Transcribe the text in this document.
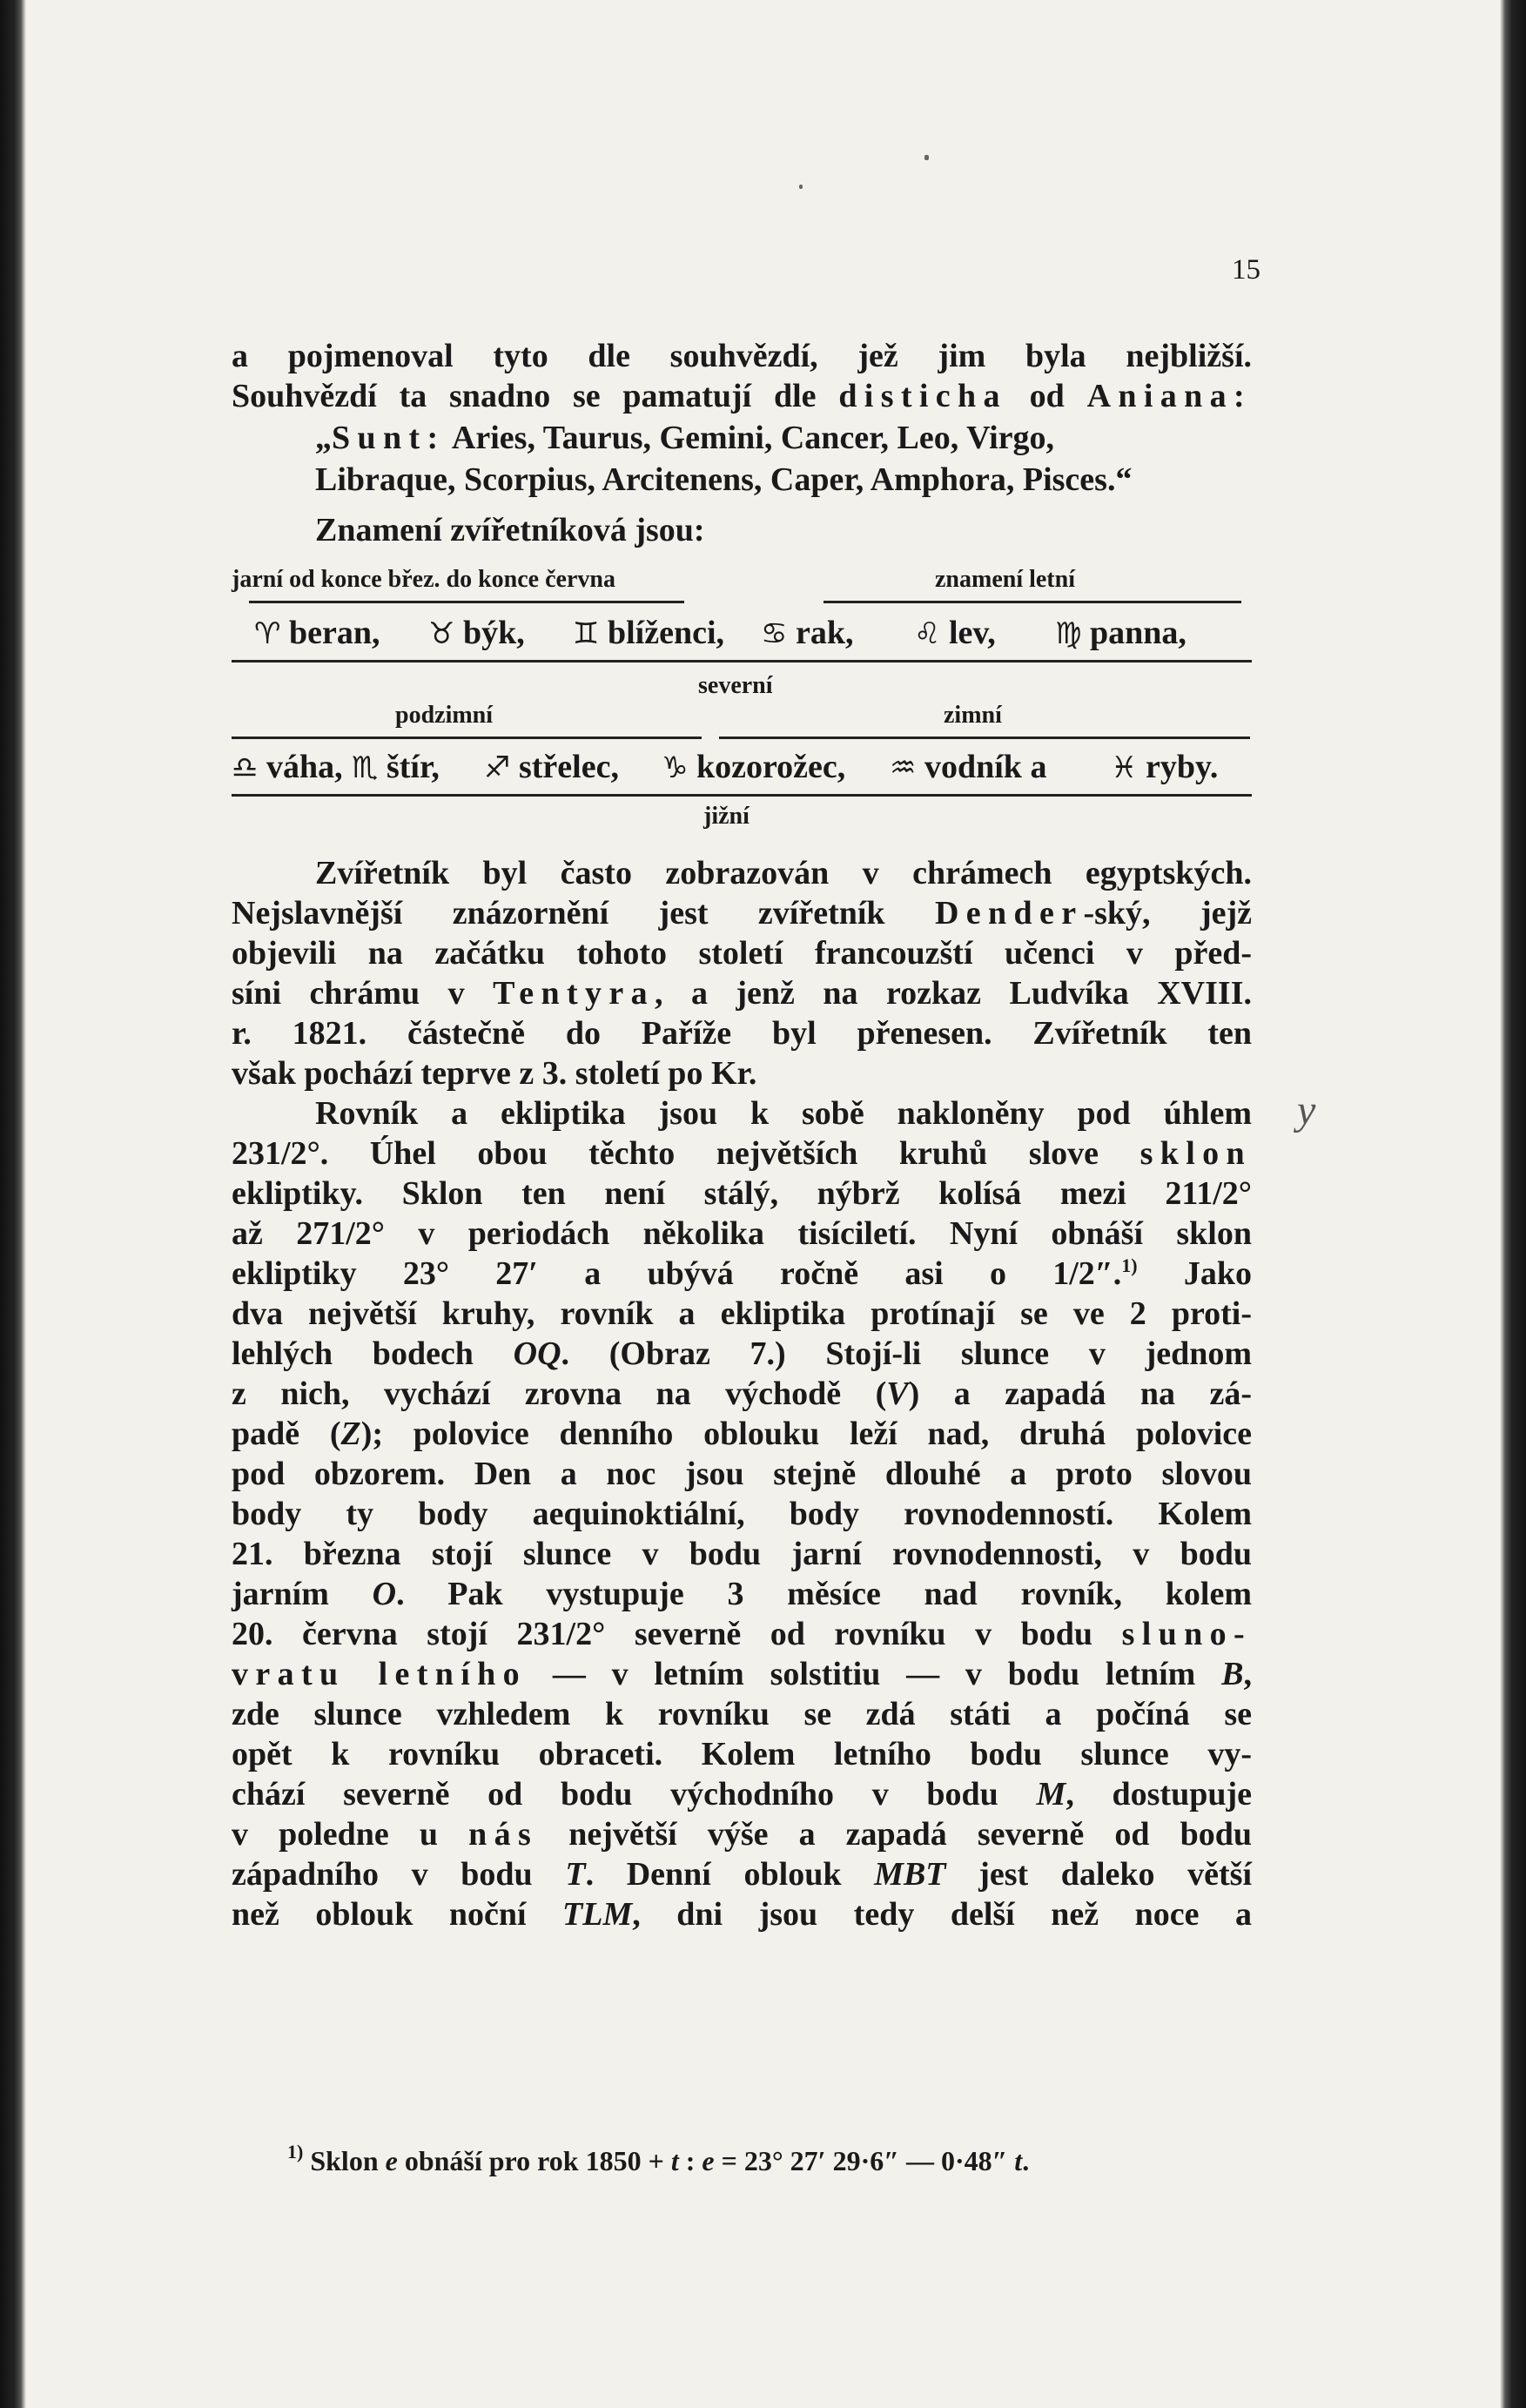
15
a pojmenoval tyto dle souhvězdí, jež jim byla nejbližší.
Souhvězdí ta snadno se pamatují dle disticha od Aniana:
„Sunt: Aries, Taurus, Gemini, Cancer, Leo, Virgo,
Libraque, Scorpius, Arcitenens, Caper, Amphora, Pisces.“
Znamení zvířetníková jsou:
jarní od konce břez. do konce června	znamení letní
♈ beran, ♉ býk, ♊ blíženci, ♋ rak, ♌ lev, ♍ panna,
severní
podzimní	zimní
♎ váha, ♏ štír, ♐ střelec, ♑ kozorožec, ♒ vodník a ♓ ryby.
jižní
Zvířetník byl často zobrazován v chrámech egyptských.
Nejslavnější znázornění jest zvířetník Dender-ský, jejž
objevili na začátku tohoto století francouzští učenci v před-
síni chrámu v Tentyra, a jenž na rozkaz Ludvíka XVIII.
r. 1821. částečně do Paříže byl přenesen. Zvířetník ten
však pochází teprve z 3. století po Kr.
Rovník a ekliptika jsou k sobě nakloněny pod úhlem
231/2°. Úhel obou těchto největších kruhů slove sklon
ekliptiky. Sklon ten není stálý, nýbrž kolísá mezi 211/2°
až 271/2° v periodách několika tisíciletí. Nyní obnáší sklon
ekliptiky 23° 27′ a ubývá ročně asi o 1/2″.$^{1)}$ Jako
dva největší kruhy, rovník a ekliptika protínají se ve 2 proti-
lehlých bodech OQ. (Obraz 7.) Stojí-li slunce v jednom
z nich, vychází zrovna na východě (V) a zapadá na zá-
padě (Z); polovice denního oblouku leží nad, druhá polovice
pod obzorem. Den a noc jsou stejně dlouhé a proto slovou
body ty body aequinoktiální, body rovnodenností. Kolem
21. března stojí slunce v bodu jarní rovnodennosti, v bodu
jarním O. Pak vystupuje 3 měsíce nad rovník, kolem
20. června stojí 231/2° severně od rovníku v bodu slunо-
vratu letního — v letním solstitiu — v bodu letním B,
zde slunce vzhledem k rovníku se zdá státi a počíná se
opět k rovníku obraceti. Kolem letního bodu slunce vy-
chází severně od bodu východního v bodu M, dostupuje
v poledne u nás největší výše a zapadá severně od bodu
západního v bodu T. Denní oblouk MBT jest daleko větší
než oblouk noční TLM, dni jsou tedy delší než noce a
y
$^{1)}$ Sklon e obnáší pro rok 1850 + t : e = 23° 27′ 29·6″ — 0·48″ t.
